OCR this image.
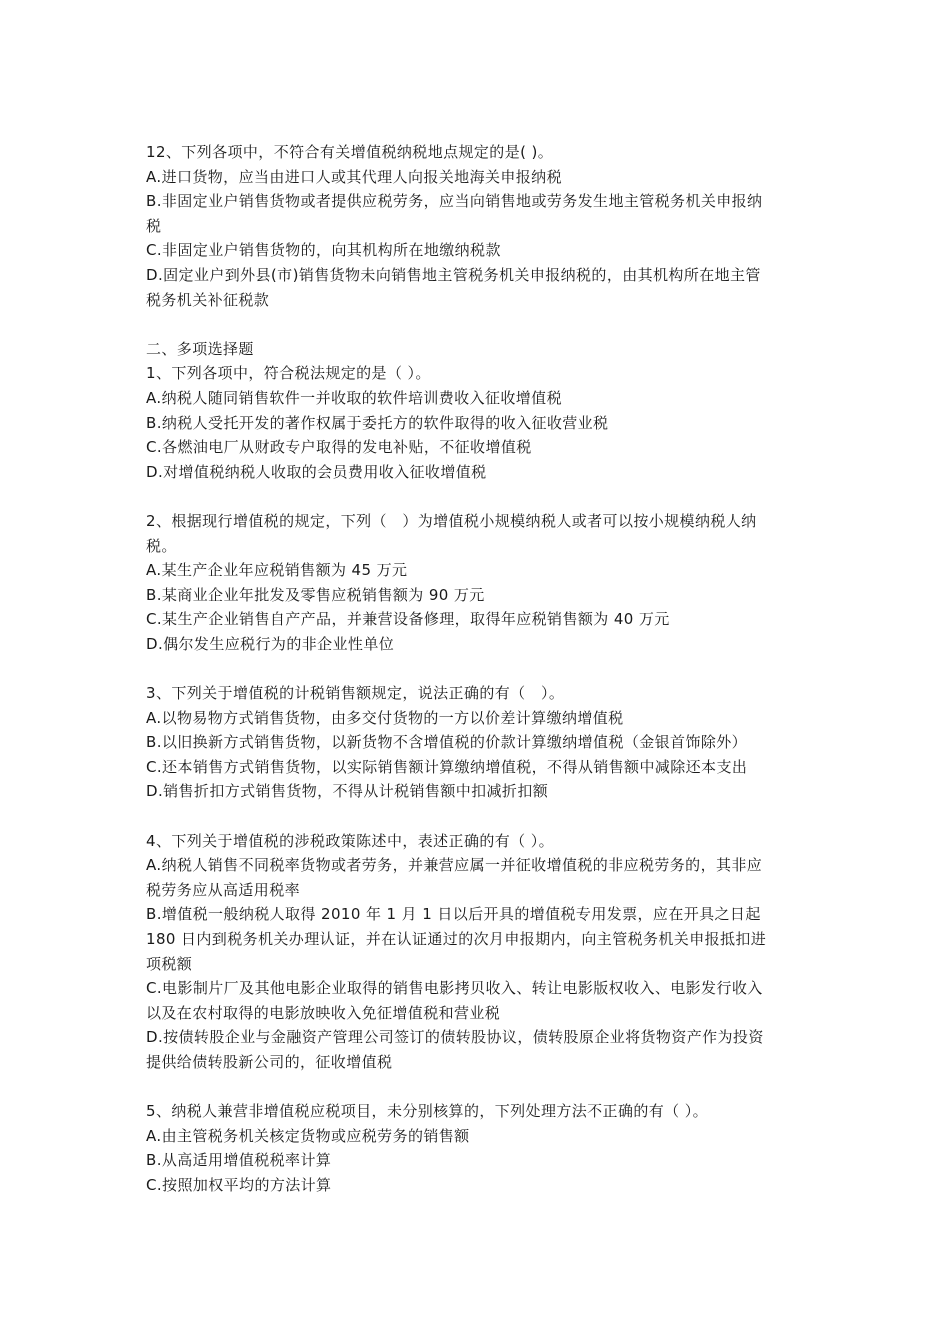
12、下列各项中，不符合有关增值税纳税地点规定的是( )。
A.进口货物，应当由进口人或其代理人向报关地海关申报纳税
B.非固定业户销售货物或者提供应税劳务，应当向销售地或劳务发生地主管税务机关申报纳
税
C.非固定业户销售货物的，向其机构所在地缴纳税款
D.固定业户到外县(市)销售货物未向销售地主管税务机关申报纳税的，由其机构所在地主管
税务机关补征税款
二、多项选择题
1、下列各项中，符合税法规定的是（ ）。
A.纳税人随同销售软件一并收取的软件培训费收入征收增值税
B.纳税人受托开发的著作权属于委托方的软件取得的收入征收营业税
C.各燃油电厂从财政专户取得的发电补贴，不征收增值税
D.对增值税纳税人收取的会员费用收入征收增值税
2、根据现行增值税的规定，下列（　）为增值税小规模纳税人或者可以按小规模纳税人纳
税。
A.某生产企业年应税销售额为 45 万元
B.某商业企业年批发及零售应税销售额为 90 万元
C.某生产企业销售自产产品，并兼营设备修理，取得年应税销售额为 40 万元
D.偶尔发生应税行为的非企业性单位
3、下列关于增值税的计税销售额规定，说法正确的有（　）。
A.以物易物方式销售货物，由多交付货物的一方以价差计算缴纳增值税
B.以旧换新方式销售货物，以新货物不含增值税的价款计算缴纳增值税（金银首饰除外）
C.还本销售方式销售货物，以实际销售额计算缴纳增值税，不得从销售额中减除还本支出
D.销售折扣方式销售货物，不得从计税销售额中扣减折扣额
4、下列关于增值税的涉税政策陈述中，表述正确的有（ ）。
A.纳税人销售不同税率货物或者劳务，并兼营应属一并征收增值税的非应税劳务的，其非应
税劳务应从高适用税率
B.增值税一般纳税人取得 2010 年 1 月 1 日以后开具的增值税专用发票，应在开具之日起
180 日内到税务机关办理认证，并在认证通过的次月申报期内，向主管税务机关申报抵扣进
项税额
C.电影制片厂及其他电影企业取得的销售电影拷贝收入、转让电影版权收入、电影发行收入
以及在农村取得的电影放映收入免征增值税和营业税
D.按债转股企业与金融资产管理公司签订的债转股协议，债转股原企业将货物资产作为投资
提供给债转股新公司的，征收增值税
5、纳税人兼营非增值税应税项目，未分别核算的，下列处理方法不正确的有（ ）。
A.由主管税务机关核定货物或应税劳务的销售额
B.从高适用增值税税率计算
C.按照加权平均的方法计算
